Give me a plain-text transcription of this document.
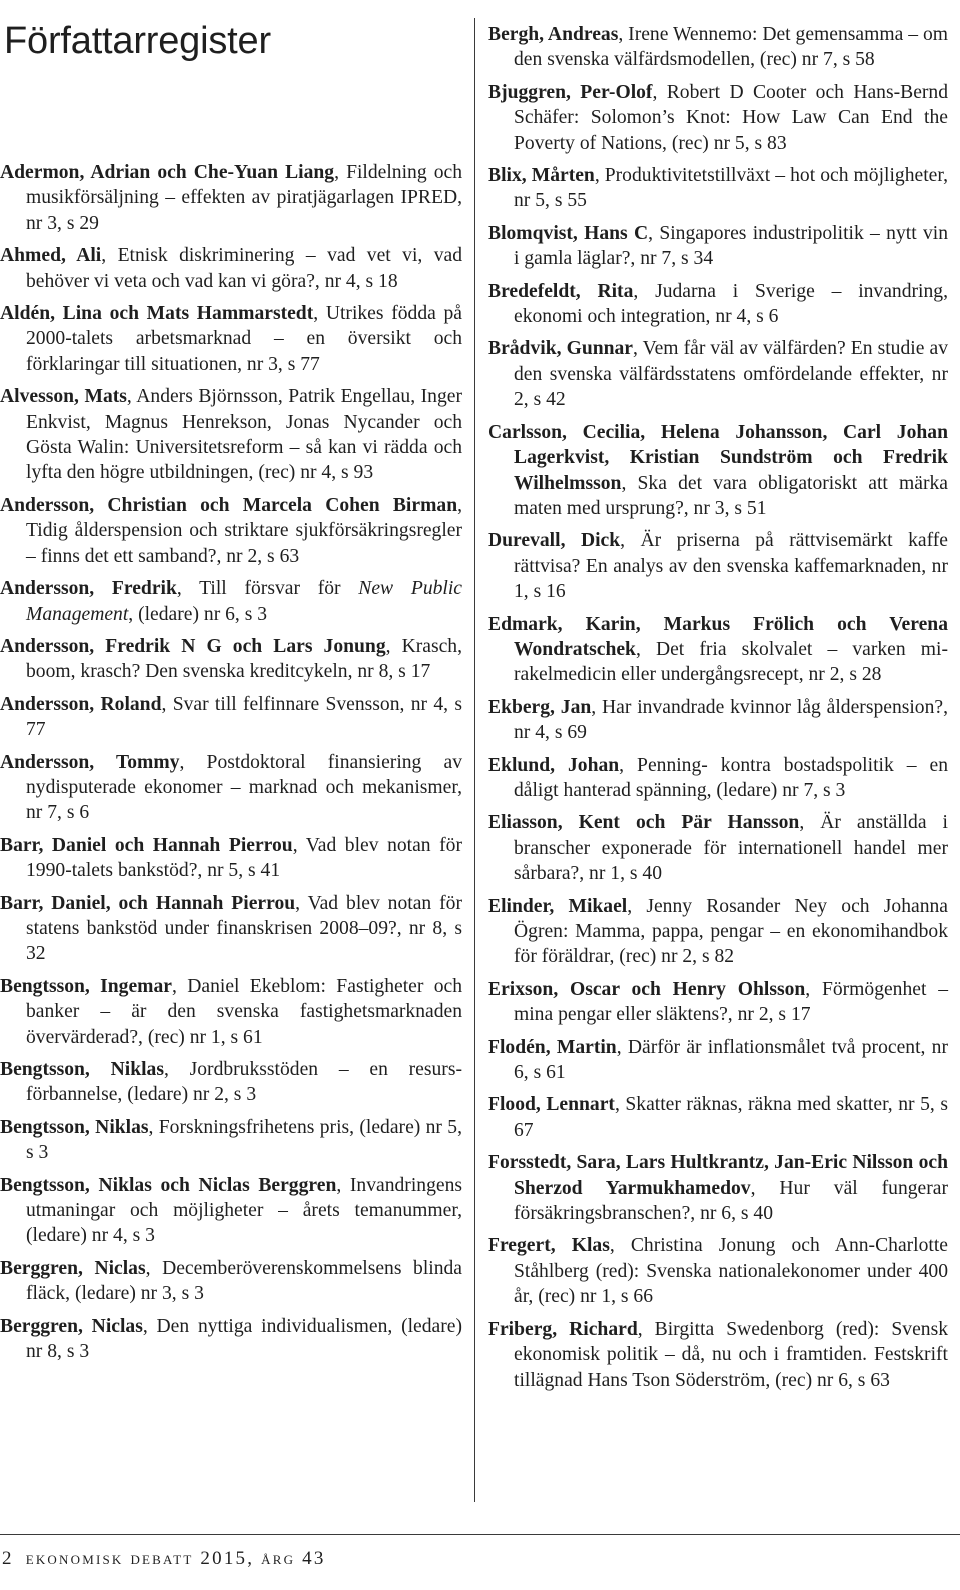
Författarregister

Adermon, Adrian och Che-Yuan Liang, Fildelning och musikförsäljning – effekten av piratjägarlagen IPRED, nr 3, s 29

Ahmed, Ali, Etnisk diskriminering – vad vet vi, vad behöver vi veta och vad kan vi göra?, nr 4, s 18

Aldén, Lina och Mats Hammarstedt, Utrikes födda på 2000-talets arbetsmarknad – en översikt och förklaringar till situationen, nr 3, s 77

Alvesson, Mats, Anders Björnsson, Patrik Engellau, Inger Enkvist, Magnus Henrekson, Jonas Nycander och Gösta Walin: Universitetsreform – så kan vi rädda och lyfta den högre utbildningen, (rec) nr 4, s 93

Andersson, Christian och Marcela Cohen Birman, Tidig ålderspension och striktare sjukförsäkringsregler – finns det ett samband?, nr 2, s 63

Andersson, Fredrik, Till försvar för New Public Management, (ledare) nr 6, s 3

Andersson, Fredrik N G och Lars Jonung, Krasch, boom, krasch? Den svenska kreditcykeln, nr 8, s 17

Andersson, Roland, Svar till felfinnare Svensson, nr 4, s 77

Andersson, Tommy, Postdoktoral finansiering av nydisputerade ekonomer – marknad och mekanismer, nr 7, s 6

Barr, Daniel och Hannah Pierrou, Vad blev notan för 1990-talets bankstöd?, nr 5, s 41

Barr, Daniel, och Hannah Pierrou, Vad blev notan för statens bankstöd under finanskrisen 2008–09?, nr 8, s 32

Bengtsson, Ingemar, Daniel Ekeblom: Fastigheter och banker – är den svenska fastighetsmarknaden övervärderad?, (rec) nr 1, s 61

Bengtsson, Niklas, Jordbruksstöden – en resursförbannelse, (ledare) nr 2, s 3

Bengtsson, Niklas, Forskningsfrihetens pris, (ledare) nr 5, s 3

Bengtsson, Niklas och Niclas Berggren, Invandringens utmaningar och möjligheter – årets temanummer, (ledare) nr 4, s 3

Berggren, Niclas, Decemberöverenskommelsens blinda fläck, (ledare) nr 3, s 3

Berggren, Niclas, Den nyttiga individualismen, (ledare) nr 8, s 3

Bergh, Andreas, Irene Wennemo: Det gemensamma – om den svenska välfärdsmodellen, (rec) nr 7, s 58

Bjuggren, Per-Olof, Robert D Cooter och Hans-Bernd Schäfer: Solomon’s Knot: How Law Can End the Poverty of Nations, (rec) nr 5, s 83

Blix, Mårten, Produktivitetstillväxt – hot och möjligheter, nr 5, s 55

Blomqvist, Hans C, Singapores industripolitik – nytt vin i gamla läglar?, nr 7, s 34

Bredefeldt, Rita, Judarna i Sverige – invandring, ekonomi och integration, nr 4, s 6

Brådvik, Gunnar, Vem får väl av välfärden? En studie av den svenska välfärdsstatens omfördelande effekter, nr 2, s 42

Carlsson, Cecilia, Helena Johansson, Carl Johan Lagerkvist, Kristian Sundström och Fredrik Wilhelmsson, Ska det vara obligatoriskt att märka maten med ursprung?, nr 3, s 51

Durevall, Dick, Är priserna på rättvisemärkt kaffe rättvisa? En analys av den svenska kaffemarknaden, nr 1, s 16

Edmark, Karin, Markus Frölich och Verena Wondratschek, Det fria skolvalet – varken mirakelmedicin eller undergångsrecept, nr 2, s 28

Ekberg, Jan, Har invandrade kvinnor låg ålderspension?, nr 4, s 69

Eklund, Johan, Penning- kontra bostadspolitik – en dåligt hanterad spänning, (ledare) nr 7, s 3

Eliasson, Kent och Pär Hansson, Är anställda i branscher exponerade för internationell handel mer sårbara?, nr 1, s 40

Elinder, Mikael, Jenny Rosander Ney och Johanna Ögren: Mamma, pappa, pengar – en ekonomihandbok för föräldrar, (rec) nr 2, s 82

Erixson, Oscar och Henry Ohlsson, Förmögenhet – mina pengar eller släktens?, nr 2, s 17

Flodén, Martin, Därför är inflationsmålet två procent, nr 6, s 61

Flood, Lennart, Skatter räknas, räkna med skatter, nr 5, s 67

Forsstedt, Sara, Lars Hultkrantz, Jan-Eric Nilsson och Sherzod Yarmukhamedov, Hur väl fungerar försäkringsbranschen?, nr 6, s 40

Fregert, Klas, Christina Jonung och Ann-Charlotte Ståhlberg (red): Svenska nationalekonomer under 400 år, (rec) nr 1, s 66

Friberg, Richard, Birgitta Swedenborg (red): Svensk ekonomisk politik – då, nu och i framtiden. Festskrift tillägnad Hans Tson Söderström, (rec) nr 6, s 63

2 ekonomisk debatt 2015, årg 43
